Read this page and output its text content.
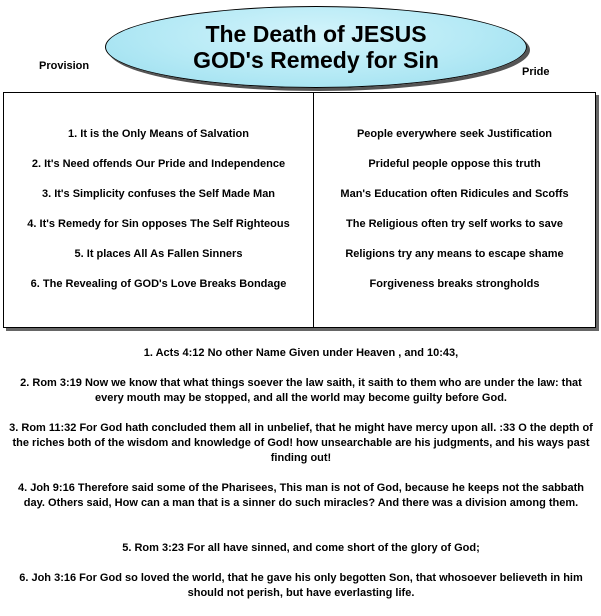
The Death of JESUS
GOD's Remedy for Sin
Provision	Pride
1. It is the Only Means of Salvation
2. It's Need offends Our Pride and Independence
3. It's Simplicity confuses the Self Made Man
4. It's Remedy for Sin opposes The Self Righteous
5. It places All As Fallen Sinners
6. The Revealing of GOD's Love Breaks Bondage
People everywhere seek Justification
Prideful people oppose this truth
Man's Education often Ridicules and Scoffs
The Religious often try self works to save
Religions try any means to escape shame
Forgiveness breaks strongholds
1. Acts 4:12 No other Name Given under Heaven , and 10:43,
2. Rom 3:19 Now we know that what things soever the law saith, it saith to them who are under the law: that every mouth may be stopped, and all the world may become guilty before God.
3. Rom 11:32 For God hath concluded them all in unbelief, that he might have mercy upon all. :33 O the depth of the riches both of the wisdom and knowledge of God! how unsearchable are his judgments, and his ways past finding out!
4. Joh 9:16 Therefore said some of the Pharisees, This man is not of God, because he keeps not the sabbath day. Others said, How can a man that is a sinner do such miracles? And there was a division among them.
5. Rom 3:23 For all have sinned, and come short of the glory of God;
6. Joh 3:16 For God so loved the world, that he gave his only begotten Son, that whosoever believeth in him should not perish, but have everlasting life.
